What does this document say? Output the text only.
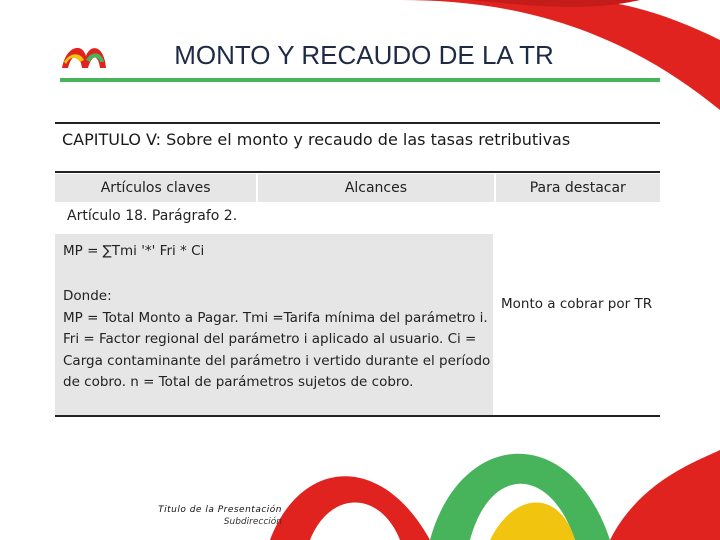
MONTO Y RECAUDO DE LA TR
CAPITULO V: Sobre el monto y recaudo de las tasas retributivas
Artículos claves	Alcances	Para destacar
Artículo 18. Parágrafo 2.
MP = ∑Tmi '*' Fri * Ci
Donde:
MP = Total Monto a Pagar. Tmi =Tarifa mínima del parámetro i. Fri = Factor regional del parámetro i aplicado al usuario. Ci = Carga contaminante del parámetro i vertido durante el período de cobro. n = Total de parámetros sujetos de cobro.
Monto a cobrar por TR
Titulo de la Presentación
Subdirección
